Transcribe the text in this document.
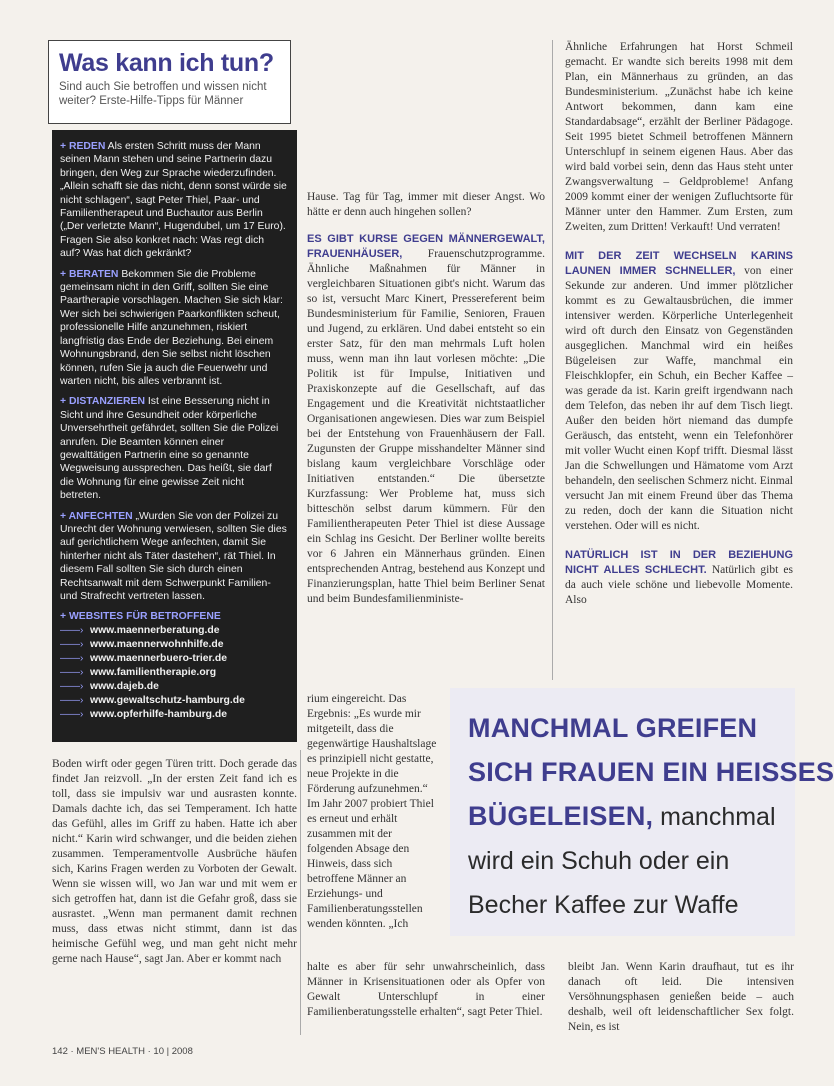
Was kann ich tun?
Sind auch Sie betroffen und wissen nicht weiter? Erste-Hilfe-Tipps für Männer
+ REDEN Als ersten Schritt muss der Mann seinen Mann stehen und seine Partnerin dazu bringen, den Weg zur Sprache wiederzufinden. „Allein schafft sie das nicht, denn sonst würde sie nicht schlagen“, sagt Peter Thiel, Paar- und Familientherapeut und Buchautor aus Berlin („Der verletzte Mann“, Hugendubel, um 17 Euro). Fragen Sie also konkret nach: Was regt dich auf? Was hat dich gekränkt?
+ BERATEN Bekommen Sie die Probleme gemeinsam nicht in den Griff, sollten Sie eine Paartherapie vorschlagen. Machen Sie sich klar: Wer sich bei schwierigen Paarkonflikten scheut, professionelle Hilfe anzunehmen, riskiert langfristig das Ende der Beziehung. Bei einem Wohnungsbrand, den Sie selbst nicht löschen können, rufen Sie ja auch die Feuerwehr und warten nicht, bis alles verbrannt ist.
+ DISTANZIEREN Ist eine Besserung nicht in Sicht und ihre Gesundheit oder körperliche Unversehrtheit gefährdet, sollten Sie die Polizei anrufen. Die Beamten können einer gewalttätigen Partnerin eine so genannte Wegweisung aussprechen. Das heißt, sie darf die Wohnung für eine gewisse Zeit nicht betreten.
+ ANFECHTEN „Wurden Sie von der Polizei zu Unrecht der Wohnung verwiesen, sollten Sie dies auf gerichtlichem Wege anfechten, damit Sie hinterher nicht als Täter dastehen“, rät Thiel. In diesem Fall sollten Sie sich durch einen Rechtsanwalt mit dem Schwerpunkt Familien- und Strafrecht vertreten lassen.
+ WEBSITES FÜR BETROFFENE
——› www.maennerberatung.de
——› www.maennerwohnhilfe.de
——› www.maennerbuero-trier.de
——› www.familientherapie.org
——› www.dajeb.de
——› www.gewaltschutz-hamburg.de
——› www.opferhilfe-hamburg.de

Boden wirft oder gegen Türen tritt. Doch gerade das findet Jan reizvoll. „In der ersten Zeit fand ich es toll, dass sie impulsiv war und ausrasten konnte. Damals dachte ich, das sei Temperament. Ich hatte das Gefühl, alles im Griff zu haben. Hatte ich aber nicht.“ Karin wird schwanger, und die beiden ziehen zusammen. Temperamentvolle Ausbrüche häufen sich, Karins Fragen werden zu Vorboten der Gewalt. Wenn sie wissen will, wo Jan war und mit wem er sich getroffen hat, dann ist die Gefahr groß, dass sie ausrastet. „Wenn man permanent damit rechnen muss, dass etwas nicht stimmt, dann ist das heimische Gefühl weg, und man geht nicht mehr gerne nach Hause“, sagt Jan. Aber er kommt nach

Hause. Tag für Tag, immer mit dieser Angst. Wo hätte er denn auch hingehen sollen?

ES GIBT KURSE GEGEN MÄNNERGEWALT, FRAUENHÄUSER, Frauenschutzprogramme. Ähnliche Maßnahmen für Männer in vergleichbaren Situationen gibt's nicht. Warum das so ist, versucht Marc Kinert, Pressereferent beim Bundesministerium für Familie, Senioren, Frauen und Jugend, zu erklären. Und dabei entsteht so ein erster Satz, für den man mehrmals Luft holen muss, wenn man ihn laut vorlesen möchte: „Die Politik ist für Impulse, Initiativen und Praxiskonzepte auf die Gesellschaft, auf das Engagement und die Kreativität nichtstaatlicher Organisationen angewiesen. Dies war zum Beispiel bei der Entstehung von Frauenhäusern der Fall. Zugunsten der Gruppe misshandelter Männer sind bislang kaum vergleichbare Vorschläge oder Initiativen entstanden.“ Die übersetzte Kurzfassung: Wer Probleme hat, muss sich bitteschön selbst darum kümmern. Für den Familientherapeuten Peter Thiel ist diese Aussage ein Schlag ins Gesicht. Der Berliner wollte bereits vor 6 Jahren ein Männerhaus gründen. Einen entsprechenden Antrag, bestehend aus Konzept und Finanzierungsplan, hatte Thiel beim Berliner Senat und beim Bundesfamilienministe-

rium eingereicht. Das Ergebnis: „Es wurde mir mitgeteilt, dass die gegenwärtige Haushaltslage es prinzipiell nicht gestatte, neue Projekte in die Förderung aufzunehmen.“ Im Jahr 2007 probiert Thiel es erneut und erhält zusammen mit der folgenden Absage den Hinweis, dass sich betroffene Männer an Erziehungs- und Familienberatungsstellen wenden könnten. „Ich

halte es aber für sehr unwahrscheinlich, dass Männer in Krisensituationen oder als Opfer von Gewalt Unterschlupf in einer Familienberatungsstelle erhalten“, sagt Peter Thiel.

Ähnliche Erfahrungen hat Horst Schmeil gemacht. Er wandte sich bereits 1998 mit dem Plan, ein Männerhaus zu gründen, an das Bundesministerium. „Zunächst habe ich keine Antwort bekommen, dann kam eine Standardabsage“, erzählt der Berliner Pädagoge. Seit 1995 bietet Schmeil betroffenen Männern Unterschlupf in seinem eigenen Haus. Aber das wird bald vorbei sein, denn das Haus steht unter Zwangsverwaltung – Geldprobleme! Anfang 2009 kommt einer der wenigen Zufluchtsorte für Männer unter den Hammer. Zum Ersten, zum Zweiten, zum Dritten! Verkauft! Und verraten!

MIT DER ZEIT WECHSELN KARINS LAUNEN IMMER SCHNELLER, von einer Sekunde zur anderen. Und immer plötzlicher kommt es zu Gewaltausbrüchen, die immer intensiver werden. Körperliche Unterlegenheit wird oft durch den Einsatz von Gegenständen ausgeglichen. Manchmal wird ein heißes Bügeleisen zur Waffe, manchmal ein Fleischklopfer, ein Schuh, ein Becher Kaffee – was gerade da ist. Karin greift irgendwann nach dem Telefon, das neben ihr auf dem Tisch liegt. Außer den beiden hört niemand das dumpfe Geräusch, das entsteht, wenn ein Telefonhörer mit voller Wucht einen Kopf trifft. Diesmal lässt Jan die Schwellungen und Hämatome vom Arzt behandeln, den seelischen Schmerz nicht. Einmal versucht Jan mit einem Freund über das Thema zu reden, doch der kann die Situation nicht verstehen. Oder will es nicht.

NATÜRLICH IST IN DER BEZIEHUNG NICHT ALLES SCHLECHT. Natürlich gibt es da auch viele schöne und liebevolle Momente. Also

bleibt Jan. Wenn Karin draufhaut, tut es ihr danach oft leid. Die intensiven Versöhnungsphasen genießen beide – auch deshalb, weil oft leidenschaftlicher Sex folgt. Nein, es ist

MANCHMAL GREIFEN
SICH FRAUEN EIN HEISSES
BÜGELEISEN, manchmal
wird ein Schuh oder ein
Becher Kaffee zur Waffe
142 · MEN'S HEALTH · 10 | 2008
